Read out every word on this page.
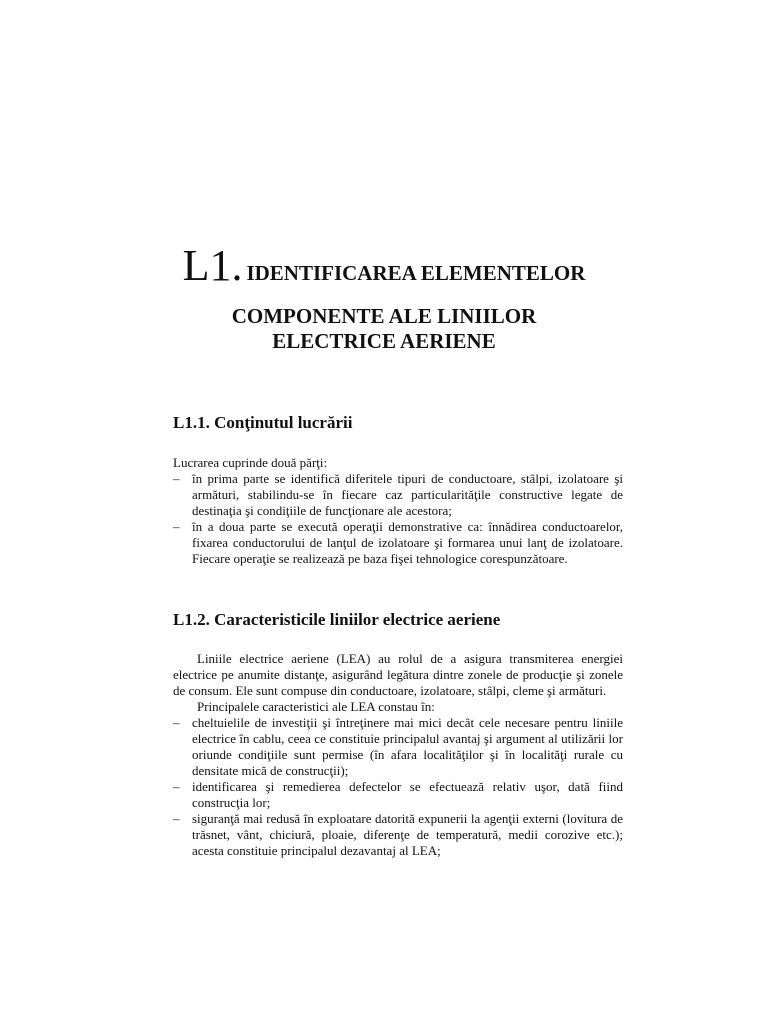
L1. IDENTIFICAREA ELEMENTELOR
COMPONENTE ALE LINIILOR
ELECTRICE AERIENE
L1.1. Conţinutul lucrării

Lucrarea cuprinde două părţi:

– în prima parte se identifică diferitele tipuri de conductoare, stâlpi, izolatoare şi armături, stabilindu-se în fiecare caz particularităţile constructive legate de destinaţia şi condiţiile de funcţionare ale acestora;
– în a doua parte se execută operaţii demonstrative ca: înnădirea conductoarelor, fixarea conductorului de lanţul de izolatoare şi formarea unui lanţ de izolatoare. Fiecare operaţie se realizează pe baza fişei tehnologice corespunzătoare.
L1.2. Caracteristicile liniilor electrice aeriene

Liniile electrice aeriene (LEA) au rolul de a asigura transmiterea energiei electrice pe anumite distanţe, asigurând legătura dintre zonele de producţie şi zonele de consum. Ele sunt compuse din conductoare, izolatoare, stâlpi, cleme şi armături.

Principalele caracteristici ale LEA constau în:

– cheltuielile de investiţii şi întreţinere mai mici decât cele necesare pentru liniile electrice în cablu, ceea ce constituie principalul avantaj şi argument al utilizării lor oriunde condiţiile sunt permise (în afara localităţilor şi în localităţi rurale cu densitate mică de construcţii);
– identificarea şi remedierea defectelor se efectuează relativ uşor, dată fiind construcţia lor;
– siguranţă mai redusă în exploatare datorită expunerii la agenţii externi (lovitura de trăsnet, vânt, chiciură, ploaie, diferenţe de temperatură, medii corozive etc.); acesta constituie principalul dezavantaj al LEA;
